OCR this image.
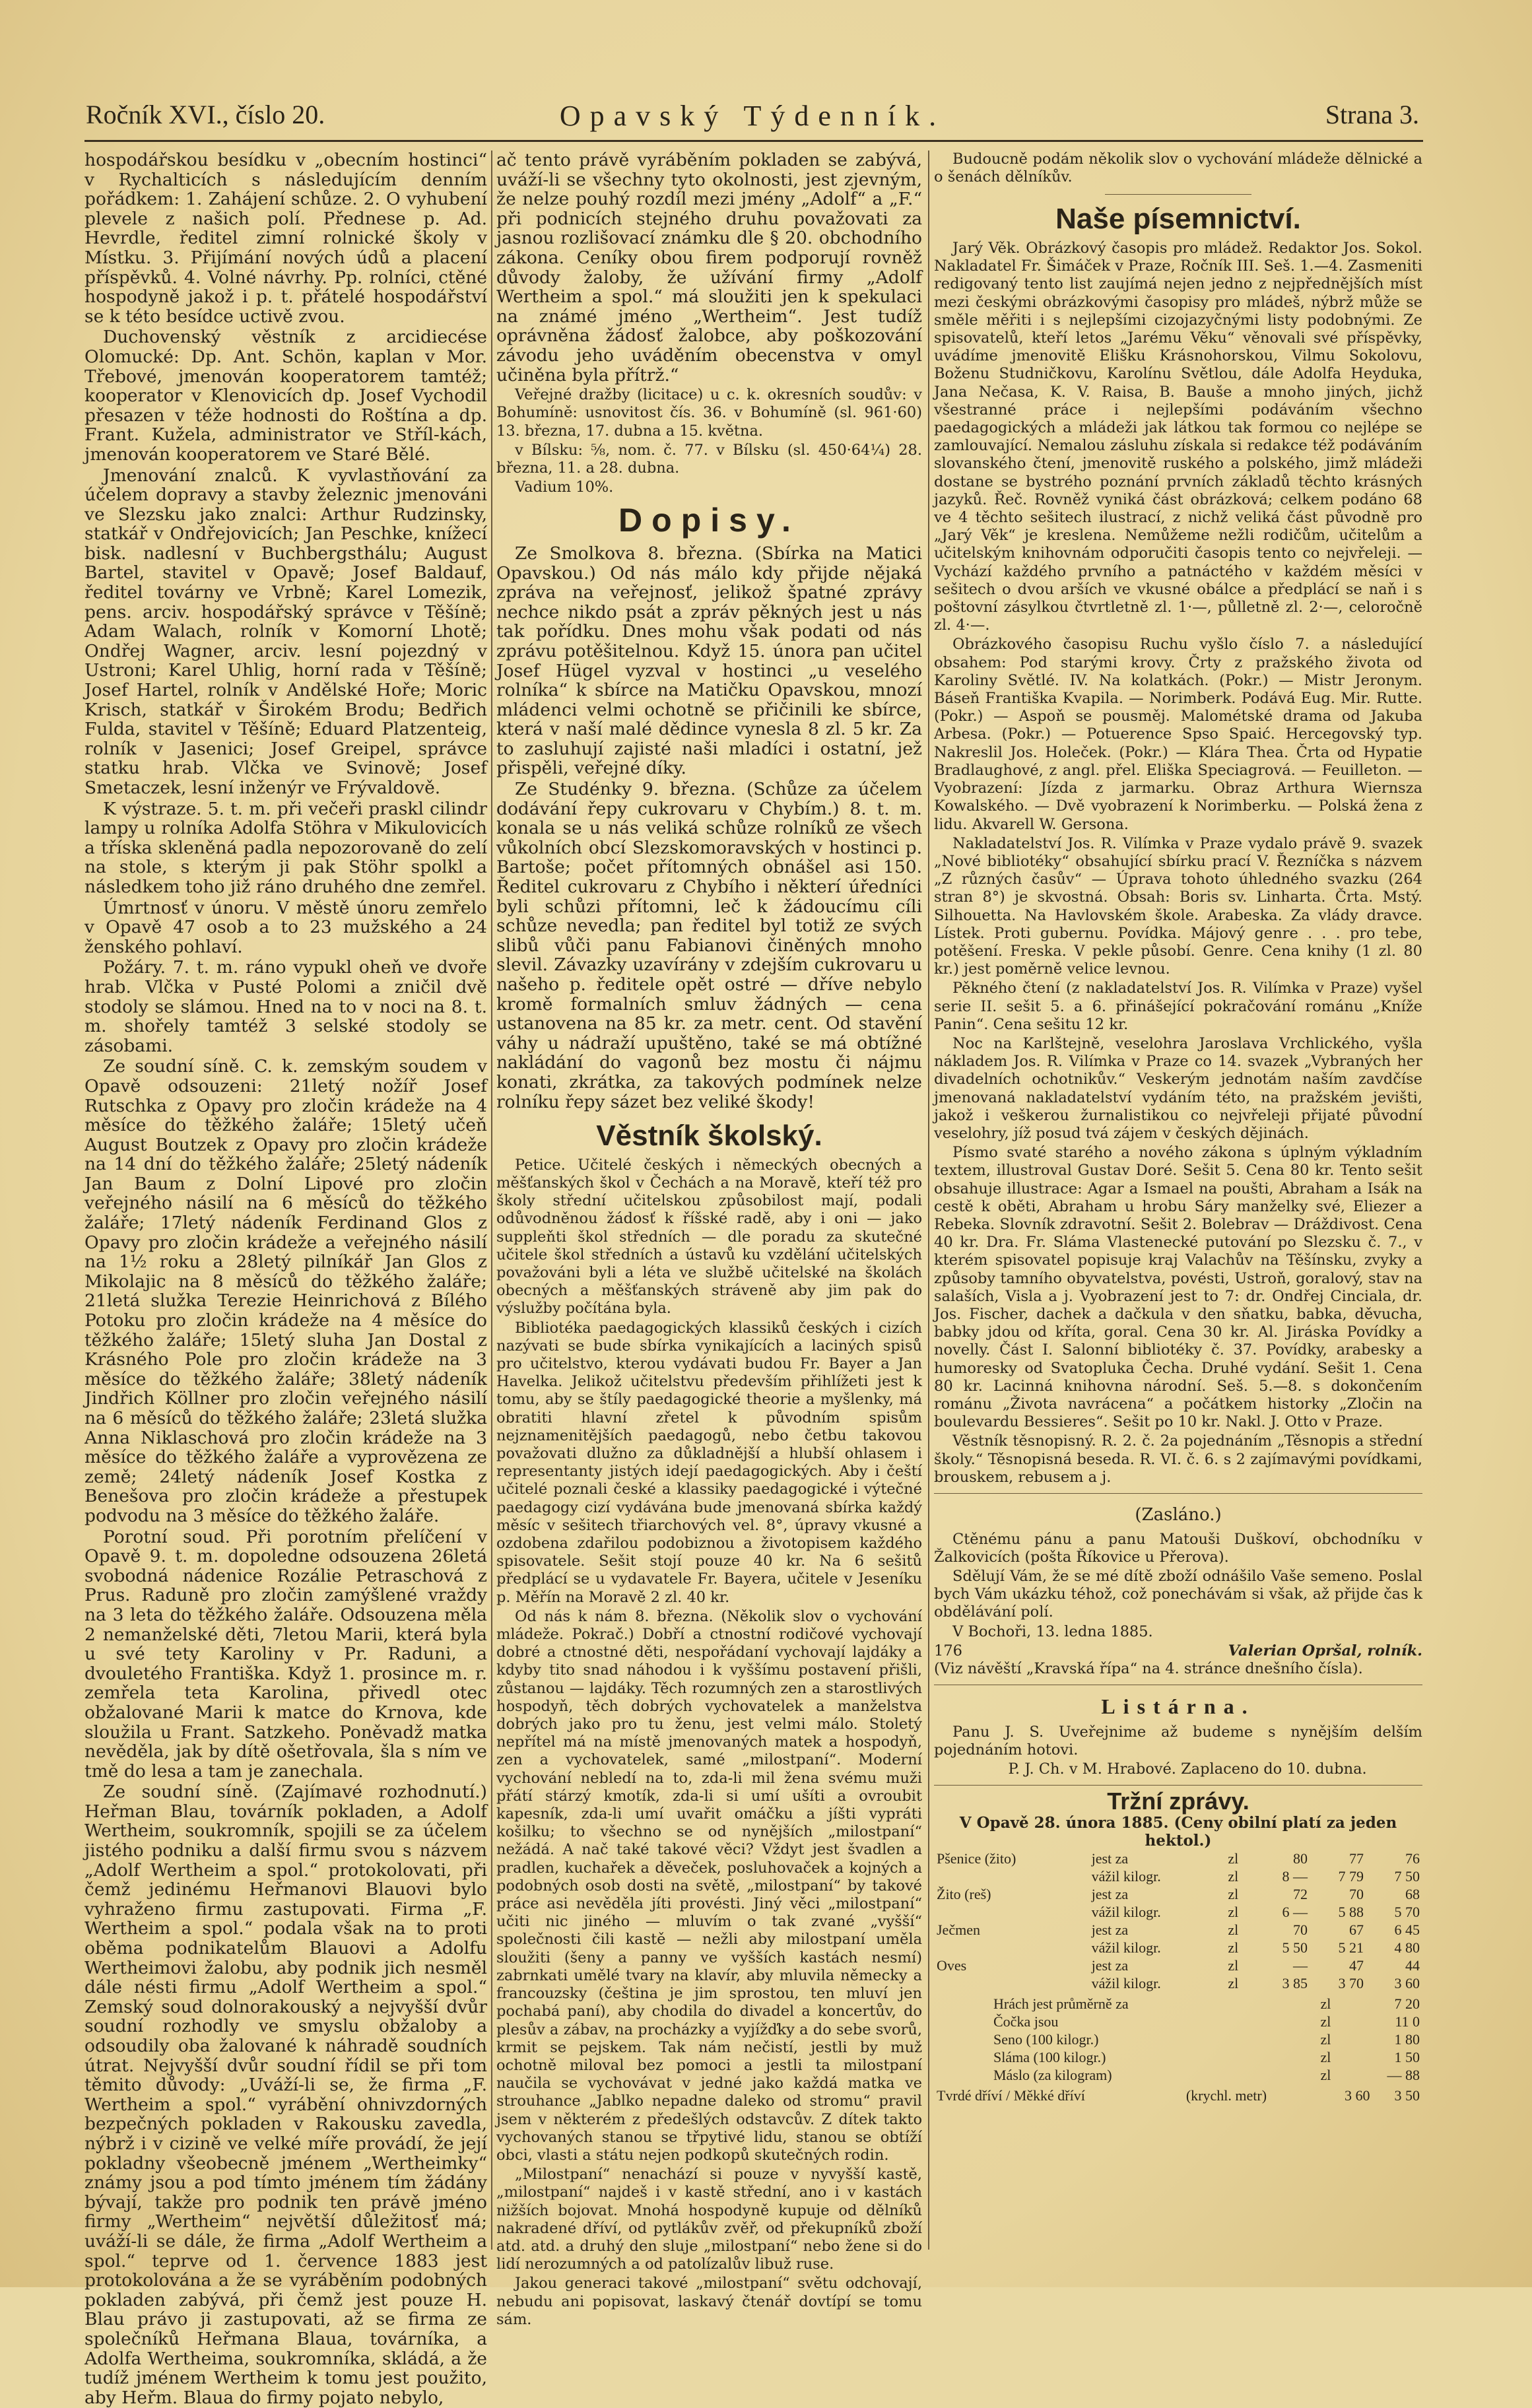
Ročník XVI., číslo 20.	Opavský Týdenník.	Strana 3.

hospodářskou besídku v „obecním hostinci“ v Rychalticích s následujícím denním pořádkem: 1. Zahájení schůze. 2. O vyhubení plevele z našich polí. Přednese p. Ad. Hevrdle, ředitel zimní rolnické školy v Místku. 3. Přijímání nových údů a placení příspěvků. 4. Volné návrhy. Pp. rolníci, ctěné hospodyně jakož i p. t. přátelé hospodářství se k této besídce uctivě zvou.

Duchovenský věstník z arcidiecése Olomucké: Dp. Ant. Schön, kaplan v Mor. Třebové, jmenován kooperatorem tamtéž; kooperator v Klenovicích dp. Josef Vychodil přesazen v téže hodnosti do Roštína a dp. Frant. Kužela, administrator ve Stříl-kách, jmenován kooperatorem ve Staré Bělé.

Jmenování znalců. K vyvlastňování za účelem dopravy a stavby železnic jmenováni ve Slezsku jako znalci: Arthur Rudzinsky, statkář v Ondřejovicích; Jan Peschke, knížecí bisk. nadlesní v Buchbergsthálu; August Bartel, stavitel v Opavě; Josef Baldauf, ředitel továrny ve Vrbně; Karel Lomezik, pens. arciv. hospodářský správce v Těšíně; Adam Walach, rolník v Komorní Lhotě; Ondřej Wagner, arciv. lesní pojezdný v Ustroni; Karel Uhlig, horní rada v Těšíně; Josef Hartel, rolník v Andělské Hoře; Moric Krisch, statkář v Širokém Brodu; Bedřich Fulda, stavitel v Těšíně; Eduard Platzenteig, rolník v Jasenici; Josef Greipel, správce statku hrab. Vlčka ve Svinově; Josef Smetaczek, lesní inženýr ve Frývaldově.

K výstraze. 5. t. m. při večeři praskl cilindr lampy u rolníka Adolfa Stöhra v Mikulovicích a tříska skleněná padla nepozorovaně do zelí na stole, s kterým ji pak Stöhr spolkl a následkem toho již ráno druhého dne zemřel.

Úmrtnosť v únoru. V městě únoru zemřelo v Opavě 47 osob a to 23 mužského a 24 ženského pohlaví.

Požáry. 7. t. m. ráno vypukl oheň ve dvoře hrab. Vlčka v Pusté Polomi a zničil dvě stodoly se slámou. Hned na to v noci na 8. t. m. shořely tamtéž 3 selské stodoly se zásobami.

Ze soudní síně. C. k. zemským soudem v Opavě odsouzeni: 21letý nožíř Josef Rutschka z Opavy pro zločin krádeže na 4 měsíce do těžkého žaláře; 15letý učeň August Boutzek z Opavy pro zločin krádeže na 14 dní do těžkého žaláře; 25letý nádeník Jan Baum z Dolní Lipové pro zločin veřejného násilí na 6 měsíců do těžkého žaláře; 17letý nádeník Ferdinand Glos z Opavy pro zločin krádeže a veřejného násilí na 1½ roku a 28letý pilníkář Jan Glos z Mikolajic na 8 měsíců do těžkého žaláře; 21letá služka Terezie Heinrichová z Bílého Potoku pro zločin krádeže na 4 měsíce do těžkého žaláře; 15letý sluha Jan Dostal z Krásného Pole pro zločin krádeže na 3 měsíce do těžkého žaláře; 38letý nádeník Jindřich Köllner pro zločin veřejného násilí na 6 měsíců do těžkého žaláře; 23letá služka Anna Niklaschová pro zločin krádeže na 3 měsíce do těžkého žaláře a vyprovězena ze země; 24letý nádeník Josef Kostka z Benešova pro zločin krádeže a přestupek podvodu na 3 měsíce do těžkého žaláře.

Porotní soud. Při porotním přelíčení v Opavě 9. t. m. dopoledne odsouzena 26letá svobodná nádenice Rozálie Petraschová z Prus. Raduně pro zločin zamýšlené vraždy na 3 leta do těžkého žaláře. Odsouzena měla 2 nemanželské děti, 7letou Marii, která byla u své tety Karoliny v Pr. Raduni, a dvouletého Františka. Když 1. prosince m. r. zemřela teta Karolina, přivedl otec obžalované Marii k matce do Krnova, kde sloužila u Frant. Satzkeho. Poněvadž matka nevěděla, jak by dítě ošetřovala, šla s ním ve tmě do lesa a tam je zanechala.

Ze soudní síně. (Zajímavé rozhodnutí.) Heřman Blau, továrník pokladen, a Adolf Wertheim, soukromník, spojili se za účelem jistého podniku a další firmu svou s názvem „Adolf Wertheim a spol.“ protokolovati, při čemž jedinému Heřmanovi Blauovi bylo vyhraženo firmu zastupovati. Firma „F. Wertheim a spol.“ podala však na to proti oběma podnikatelům Blauovi a Adolfu Wertheimovi žalobu, aby podnik jich nesměl dále nésti firmu „Adolf Wertheim a spol.“ Zemský soud dolnorakouský a nejvyšší dvůr soudní rozhodly ve smyslu obžaloby a odsoudily oba žalované k náhradě soudních útrat. Nejvyšší dvůr soudní řídil se při tom těmito důvody: „Uváží-li se, že firma „F. Wertheim a spol.“ vyrábění ohnivzdorných bezpečných pokladen v Rakousku zavedla, nýbrž i v cizině ve velké míře provádí, že její pokladny všeobecně jménem „Wertheimky“ známy jsou a pod tímto jménem tím žádány bývají, takže pro podnik ten právě jméno firmy „Wertheim“ největší důležitosť má; uváží-li se dále, že firma „Adolf Wertheim a spol.“ teprve od 1. července 1883 jest protokolována a že se vyráběním podobných pokladen zabývá, při čemž jest pouze H. Blau právo ji zastupovati, až se firma ze společníků Heřmana Blaua, továrníka, a Adolfa Wertheima, soukromníka, skládá, a že tudíž jménem Wertheim k tomu jest použito, aby Heřm. Blaua do firmy pojato nebylo,

ač tento právě vyráběním pokladen se zabývá, uváží-li se všechny tyto okolnosti, jest zjevným, že nelze pouhý rozdíl mezi jmény „Adolf“ a „F.“ při podnicích stejného druhu považovati za jasnou rozlišovací známku dle § 20. obchodního zákona. Ceníky obou firem podporují rovněž důvody žaloby, že užívání firmy „Adolf Wertheim a spol.“ má sloužiti jen k spekulaci na známé jméno „Wertheim“. Jest tudíž oprávněna žádosť žalobce, aby poškozování závodu jeho uváděním obecenstva v omyl učiněna byla přítrž.“

Veřejné dražby (licitace) u c. k. okresních soudův: v Bohumíně: usnovitost čís. 36. v Bohumíně (sl. 961·60) 13. března, 17. dubna a 15. května.

v Bílsku: ⅝, nom. č. 77. v Bílsku (sl. 450·64¼) 28. března, 11. a 28. dubna.

Vadium 10%.

Dopisy.

Ze Smolkova 8. března. (Sbírka na Matici Opavskou.) Od nás málo kdy přijde nějaká zpráva na veřejnosť, jelikož špatné zprávy nechce nikdo psát a zpráv pěkných jest u nás tak pořídku. Dnes mohu však podati od nás zprávu potěšitelnou. Když 15. února pan učitel Josef Hügel vyzval v hostinci „u veselého rolníka“ k sbírce na Matičku Opavskou, mnozí mládenci velmi ochotně se přičinili ke sbírce, která v naší malé dědince vynesla 8 zl. 5 kr. Za to zasluhují zajisté naši mladíci i ostatní, jež přispěli, veřejné díky.

Ze Studénky 9. března. (Schůze za účelem dodávání řepy cukrovaru v Chybím.) 8. t. m. konala se u nás veliká schůze rolníků ze všech vůkolních obcí Slezskomoravských v hostinci p. Bartoše; počet přítomných obnášel asi 150. Ředitel cukrovaru z Chybího i některí úředníci byli schůzi přítomni, leč k žádoucímu cíli schůze nevedla; pan ředitel byl totiž ze svých slibů vůči panu Fabianovi činěných mnoho slevil. Závazky uzavírány v zdejším cukrovaru u našeho p. ředitele opět ostré — dříve nebylo kromě formalních smluv žádných — cena ustanovena na 85 kr. za metr. cent. Od stavění váhy u nádraží upuštěno, také se má obtížné nakládání do vagonů bez mostu či nájmu konati, zkrátka, za takových podmínek nelze rolníku řepy sázet bez veliké škody!

Věstník školský.

Petice. Učitelé českých i německých obecných a měšťanských škol v Čechách a na Moravě, kteří též pro školy střední učitelskou způsobilost mají, podali odůvodněnou žádosť k říšské radě, aby i oni — jako suppleňti škol středních — dle poradu za skutečné učitele škol středních a ústavů ku vzdělání učitelských považováni byli a léta ve službě učitelské na školách obecných a měšťanských stráveně aby jim pak do výslužby počítána byla.

Bibliotéka paedagogických klassiků českých i cizích nazývati se bude sbírka vynikajících a laciných spisů pro učitelstvo, kterou vydávati budou Fr. Bayer a Jan Havelka. Jelikož učitelstvu především přihlížeti jest k tomu, aby se štíly paedagogické theorie a myšlenky, má obratiti hlavní zřetel k původním spisům nejznamenitějších paedagogů, nebo četbu takovou považovati dlužno za důkladnější a hlubší ohlasem i representanty jistých idejí paedagogických. Aby i čeští učitelé poznali české a klassiky paedagogické i výtečné paedagogy cizí vydávána bude jmenovaná sbírka každý měsíc v sešitech třiarchových vel. 8°, úpravy vkusné a ozdobena zdařilou podobiznou a životopisem každého spisovatele. Sešit stojí pouze 40 kr. Na 6 sešitů předplácí se u vydavatele Fr. Bayera, učitele v Jeseníku p. Měřín na Moravě 2 zl. 40 kr.

Od nás k nám 8. března. (Několik slov o vychování mládeže. Pokrač.) Dobří a ctnostní rodičové vychovají dobré a ctnostné děti, nespořádaní vychovají lajdáky a kdyby tito snad náhodou i k vyššímu postavení přišli, zůstanou — lajdáky. Těch rozumných zen a starostlivých hospodyň, těch dobrých vychovatelek a manželstva dobrých jako pro tu ženu, jest velmi málo. Stoletý nepřítel má na místě jmenovaných matek a hospodyň, zen a vychovatelek, samé „milostpaní“. Moderní vychování nebledí na to, zda-li mil žena svému muži přátí stárzý kmotík, zda-li si umí ušíti a ovroubit kapesník, zda-li umí uvařit omáčku a jíšti vypráti košilku; to všechno se od nynějších „milostpaní“ nežádá. A nač také takové věci? Vždyt jest švadlen a pradlen, kuchařek a děveček, posluhovaček a kojných a podobných osob dosti na světě, „milostpaní“ by takové práce asi nevěděla jíti provésti. Jiný věci „milostpaní“ učiti nic jiného — mluvím o tak zvané „vyšší“ společnosti čili kastě — nežli aby milostpaní uměla sloužiti (šeny a panny ve vyšších kastách nesmí) zabrnkati umělé tvary na klavír, aby mluvila německy a francouzsky (čeština je jim sprostou, ten mluví jen pochabá paní), aby chodila do divadel a koncertův, do plesův a zábav, na procházky a vyjížďky a do sebe svorů, krmit se pejskem. Tak nám nečistí, jestli by muž ochotně miloval bez pomoci a jestli ta milostpaní naučila se vychovávat v jedné jako každá matka ve strouhance „Jablko nepadne daleko od stromu“ pravil jsem v některém z předešlých odstavcův. Z dítek takto vychovaných stanou se třpytivé lidu, stanou se obtíží obci, vlasti a státu nejen podkopů skutečných rodin.

„Milostpaní“ nenachází si pouze v nyvyšší kastě, „milostpaní“ najdeš i v kastě střední, ano i v kastách nižších bojovat. Mnohá hospodyně kupuje od dělníků nakradené dříví, od pytlákův zvěř, od překupníků zboží atd. atd. a druhý den sluje „milostpaní“ nebo žene si do lidí nerozumných a od patolízalův libuž ruse.

Jakou generaci takové „milostpaní“ světu odchovají, nebudu ani popisovat, laskavý čtenář dovtípí se tomu sám.

Budoucně podám několik slov o vychování mládeže dělnické a o šenách dělníkův.

Naše písemnictví.

Jarý Věk. Obrázkový časopis pro mládež. Redaktor Jos. Sokol. Nakladatel Fr. Šimáček v Praze, Ročník III. Seš. 1.—4. Zasmeniti redigovaný tento list zaujímá nejen jedno z nejpřednějších míst mezi českými obrázkovými časopisy pro mládeš, nýbrž může se směle měřiti i s nejlepšími cizojazyčnými listy podobnými. Ze spisovatelů, kteří letos „Jarému Věku“ věnovali své příspěvky, uvádíme jmenovitě Elišku Krásnohorskou, Vilmu Sokolovu, Boženu Studničkovu, Karolínu Světlou, dále Adolfa Heyduka, Jana Nečasa, K. V. Raisa, B. Bauše a mnoho jiných, jichž všestranné práce i nejlepšími podáváním všechno paedagogických a mládeži jak látkou tak formou co nejlépe se zamlouvající. Nemalou zásluhu získala si redakce též podáváním slovanského čtení, jmenovitě ruského a polského, jimž mládeži dostane se bystrého poznání prvních základů těchto krásných jazyků. Řeč. Rovněž vyniká část obrázková; celkem podáno 68 ve 4 těchto sešitech ilustrací, z nichž veliká část původně pro „Jarý Věk“ je kreslena. Nemůžeme nežli rodičům, učitelům a učitelským knihovnám odporučiti časopis tento co nejvřeleji. — Vychází každého prvního a patnáctého v každém měsíci v sešitech o dvou arších ve vkusné obálce a předplácí se naň i s poštovní zásylkou čtvrtletně zl. 1·—, půlletně zl. 2·—, celoročně zl. 4·—.

Obrázkového časopisu Ruchu vyšlo číslo 7. a následující obsahem: Pod starými krovy. Črty z pražského života od Karoliny Světlé. IV. Na kolatkách. (Pokr.) — Mistr Jeronym. Báseň Františka Kvapila. — Norimberk. Podává Eug. Mir. Rutte. (Pokr.) — Aspoň se pousměj. Malométské drama od Jakuba Arbesa. (Pokr.) — Potuerence Spso Spaić. Hercegovský typ. Nakreslil Jos. Holeček. (Pokr.) — Klára Thea. Črta od Hypatie Bradlaughové, z angl. přel. Eliška Speciagrová. — Feuilleton. — Vyobrazení: Jízda z jarmarku. Obraz Arthura Wiernsza Kowalského. — Dvě vyobrazení k Norimberku. — Polská žena z lidu. Akvarell W. Gersona.

Nakladatelství Jos. R. Vilímka v Praze vydalo právě 9. svazek „Nové bibliotéky“ obsahující sbírku prací V. Řezníčka s názvem „Z různých časův“ — Úprava tohoto úhledného svazku (264 stran 8°) je skvostná. Obsah: Boris sv. Linharta. Črta. Mstý. Silhouetta. Na Havlovském škole. Arabeska. Za vlády dravce. Lístek. Proti gubernu. Povídka. Májový genre . . . pro tebe, potěšení. Freska. V pekle působí. Genre. Cena knihy (1 zl. 80 kr.) jest poměrně velice levnou.

Pěkného čtení (z nakladatelství Jos. R. Vilímka v Praze) vyšel serie II. sešit 5. a 6. přinášející pokračování románu „Kníže Panin“. Cena sešitu 12 kr.

Noc na Karlštejně, veselohra Jaroslava Vrchlického, vyšla nákladem Jos. R. Vilímka v Praze co 14. svazek „Vybraných her divadelních ochotnikův.“ Veskerým jednotám naším zavdčíse jmenovaná nakladatelství vydáním této, na pražském jevišti, jakož i veškerou žurnalistikou co nejvřeleji přijaté původní veselohry, jíž posud tvá zájem v českých dějinách.

Písmo svaté starého a nového zákona s úplným výkladním textem, illustroval Gustav Doré. Sešit 5. Cena 80 kr. Tento sešit obsahuje illustrace: Agar a Ismael na poušti, Abraham a Isák na cestě k oběti, Abraham u hrobu Sáry manželky své, Eliezer a Rebeka. Slovník zdravotní. Sešit 2. Bolebrav — Dráždivost. Cena 40 kr. Dra. Fr. Sláma Vlastenecké putování po Slezsku č. 7., v kterém spisovatel popisuje kraj Valachův na Těšínsku, zvyky a způsoby tamního obyvatelstva, povésti, Ustroň, goralový, stav na salaších, Visla a j. Vyobrazení jest to 7: dr. Ondřej Cinciala, dr. Jos. Fischer, dachek a dačkula v den sňatku, babka, děvucha, babky jdou od kříta, goral. Cena 30 kr. Al. Jiráska Povídky a novelly. Část I. Salonní bibliotéky č. 37. Povídky, arabesky a humoresky od Svatopluka Čecha. Druhé vydání. Sešit 1. Cena 80 kr. Lacinná knihovna národní. Seš. 5.—8. s dokončením románu „Života navrácena“ a počátkem historky „Zločin na boulevardu Bessieres“. Sešit po 10 kr. Nakl. J. Otto v Praze.

Věstník těsnopisný. R. 2. č. 2a pojednáním „Těsnopis a střední školy.“ Těsnopisná beseda. R. VI. č. 6. s 2 zajímavými povídkami, brouskem, rebusem a j.

(Zasláno.)

Ctěnému pánu a panu Matouši Duškoví, obchodníku v Žalkovicích (pošta Říkovice u Přerova).

Sdělují Vám, že se mé dítě zboží odnášilo Vaše semeno. Poslal bych Vám ukázku téhož, což ponechávám si však, až přijde čas k obdělávání polí.

V Bochoři, 13. ledna 1885.

176	Valerian Opršal, rolník.

(Viz návěští „Kravská řípa“ na 4. stránce dnešního čísla).

Listárna.

Panu J. S. Uveřejnime až budeme s nynějším delším pojednáním hotovi.

P. J. Ch. v M. Hrabové. Zaplaceno do 10. dubna.

Tržní zprávy.
V Opavě 28. února 1885. (Ceny obilní platí za jeden hektol.)
Pšenice (žito)	jest za	zl	80	77	76
	vážil kilogr.	zl	8 —	7 79	7 50
Žito (reš)	jest za	zl	72	70	68
	vážil kilogr.	zl	6 —	5 88	5 70
Ječmen	jest za	zl	70	67	6 45
	vážil kilogr.	zl	5 50	5 21	4 80
Oves	jest za	zl	—	47	44
	vážil kilogr.	zl	3 85	3 70	3 60
Hrách jest průměrně za	zl	7 20
Čočka jsou	zl	11 0
Seno (100 kilogr.)	zl	1 80
Sláma (100 kilogr.)	zl	1 50
Máslo (za kilogram)	zl	— 88
Tvrdé dříví / Měkké dříví	(krychl. metr)	3 60	3 50
